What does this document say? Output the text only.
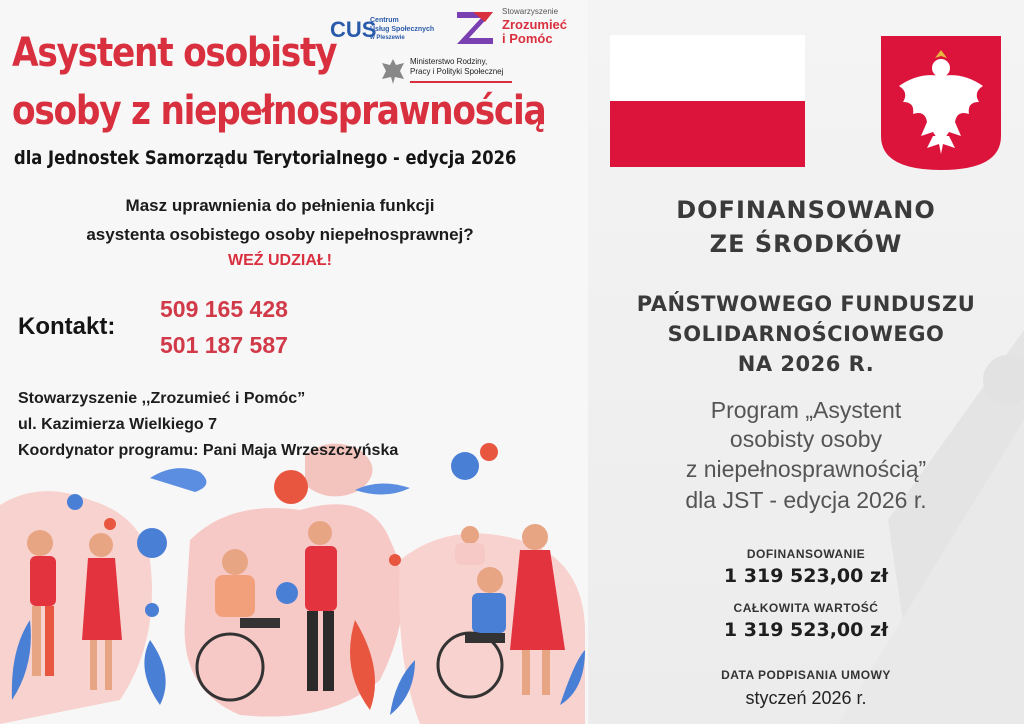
Asystent osobisty
osoby z niepełnosprawnością
dla Jednostek Samorządu Terytorialnego - edycja 2026
Masz uprawnienia do pełnienia funkcji
asystenta osobistego osoby niepełnosprawnej?
WEŹ UDZIAŁ!
Kontakt:
509 165 428
501 187 587
Stowarzyszenie ,,Zrozumieć i Pomóc”
ul. Kazimierza Wielkiego 7
Koordynator programu: Pani Maja Wrzeszczyńska
CUS
Centrum
Usług Społecznych
w Pleszewie
Stowarzyszenie
Zrozumieć
i Pomóc
Ministerstwo Rodziny,
Pracy i Polityki Społecznej
DOFINANSOWANO
ZE ŚRODKÓW
PAŃSTWOWEGO FUNDUSZU
SOLIDARNOŚCIOWEGO
NA 2026 R.
Program „Asystent
osobisty osoby
z niepełnosprawnością”
dla JST - edycja 2026 r.
DOFINANSOWANIE
1 319 523,00 zł
CAŁKOWITA WARTOŚĆ
1 319 523,00 zł
DATA PODPISANIA UMOWY
styczeń 2026 r.
